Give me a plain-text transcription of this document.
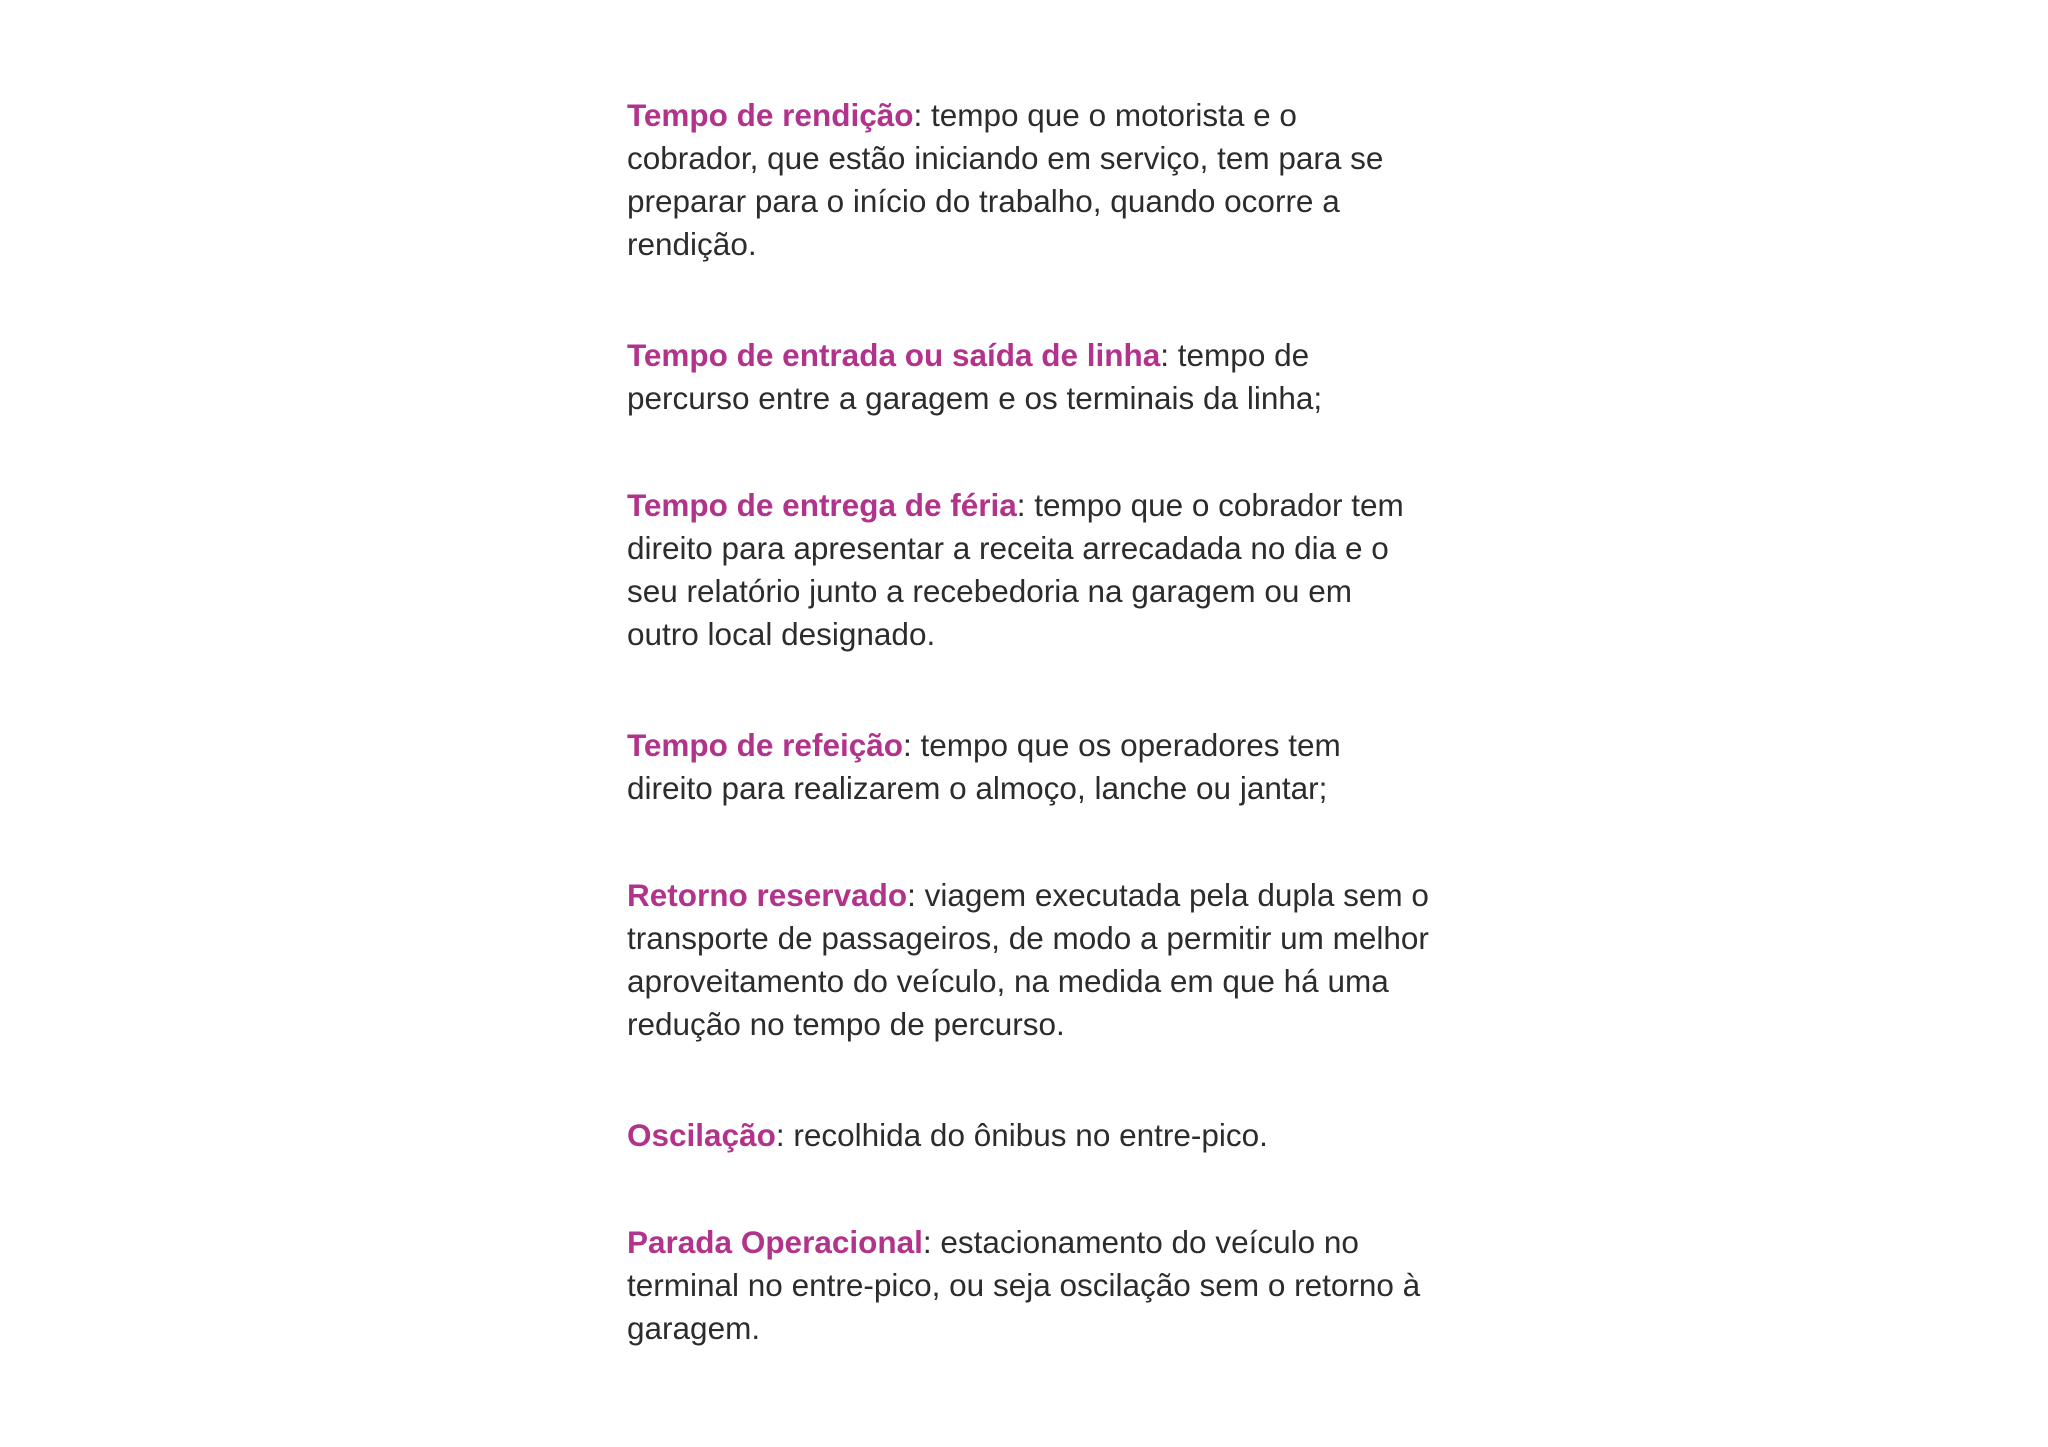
Tempo de rendição: tempo que o motorista e o cobrador, que estão iniciando em serviço, tem para se preparar para o início do trabalho, quando ocorre a rendição.

Tempo de entrada ou saída de linha: tempo de percurso entre a garagem e os terminais da linha;

Tempo de entrega de féria: tempo que o cobrador tem direito para apresentar a receita arrecadada no dia e o seu relatório junto a recebedoria na garagem ou em outro local designado.

Tempo de refeição: tempo que os operadores tem direito para realizarem o almoço, lanche ou jantar;

Retorno reservado: viagem executada pela dupla sem o transporte de passageiros, de modo a permitir um melhor aproveitamento do veículo, na medida em que há uma redução no tempo de percurso.

Oscilação: recolhida do ônibus no entre-pico.

Parada Operacional: estacionamento do veículo no terminal no entre-pico, ou seja oscilação sem o retorno à garagem.
